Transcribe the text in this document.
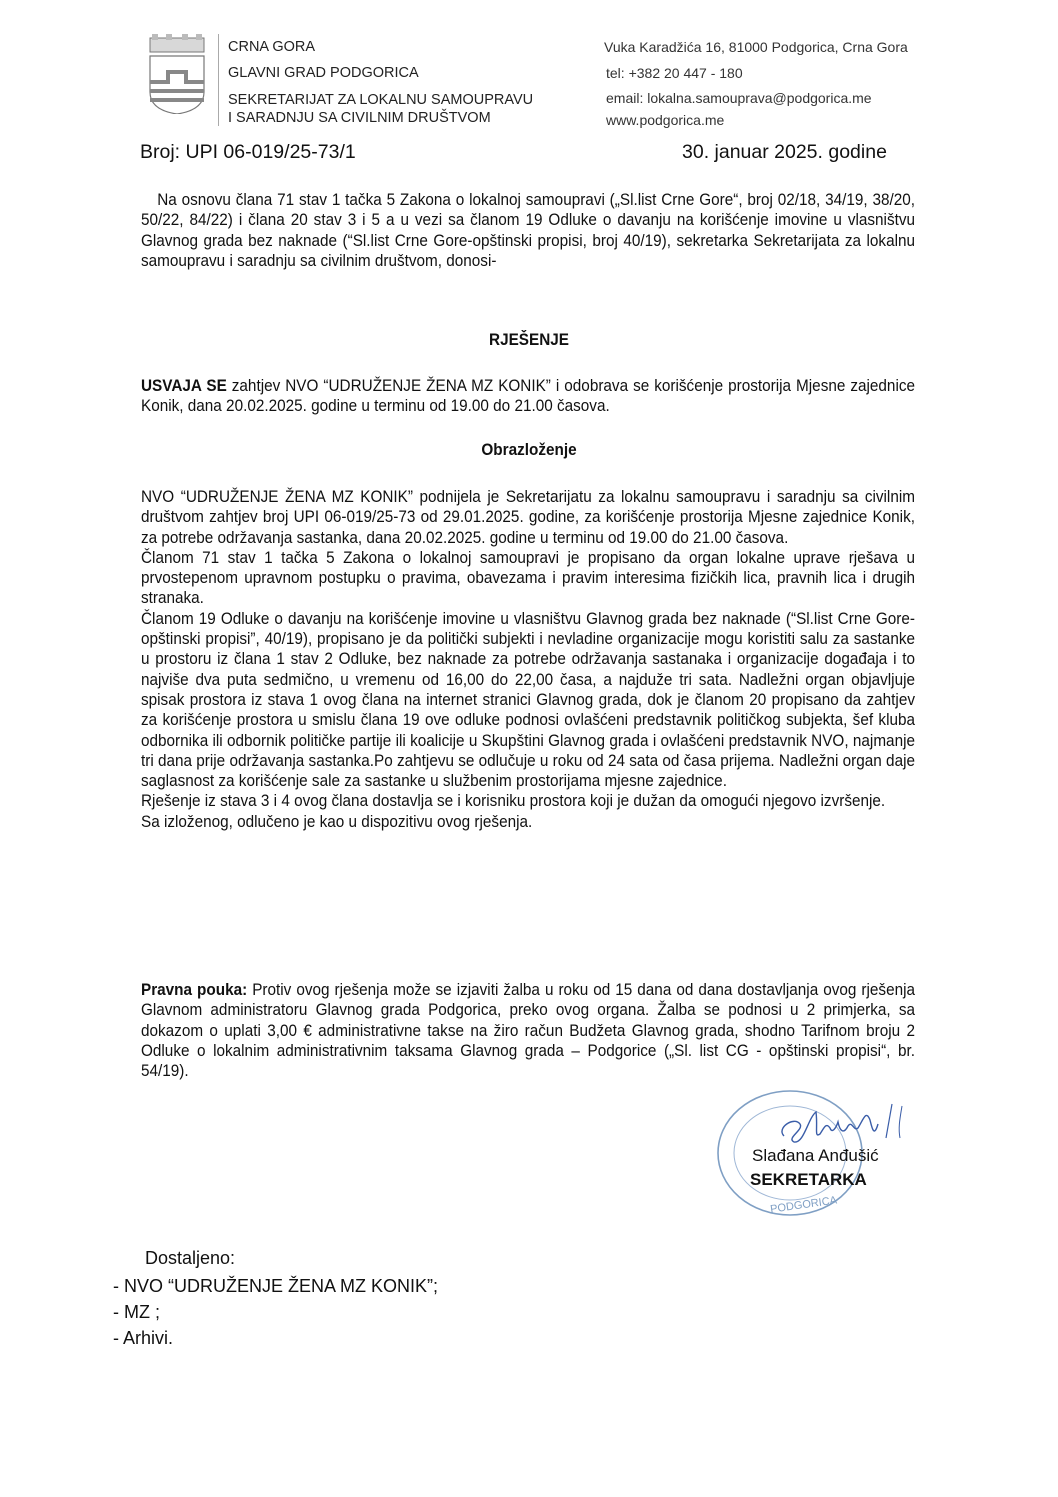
CRNA GORA
GLAVNI GRAD PODGORICA
SEKRETARIJAT ZA LOKALNU SAMOUPRAVU
I SARADNJU SA CIVILNIM DRUŠTVOM
Vuka Karadžića 16, 81000 Podgorica, Crna Gora
tel: +382 20 447 - 180
email: lokalna.samouprava@podgorica.me
www.podgorica.me
Broj: UPI 06-019/25-73/1	30. januar 2025. godine

Na osnovu člana 71 stav 1 tačka 5 Zakona o lokalnoj samoupravi („Sl.list Crne Gore“, broj 02/18, 34/19, 38/20, 50/22, 84/22) i člana 20 stav 3 i 5 a u vezi sa članom 19 Odluke o davanju na korišćenje imovine u vlasništvu Glavnog grada bez naknade (“Sl.list Crne Gore-opštinski propisi, broj 40/19), sekretarka Sekretarijata za lokalnu samoupravu i saradnju sa civilnim društvom, donosi-

RJEŠENJE

USVAJA SE zahtjev NVO “UDRUŽENJE ŽENA MZ KONIK” i odobrava se korišćenje prostorija Mjesne zajednice Konik, dana 20.02.2025. godine u terminu od 19.00 do 21.00 časova.

Obrazloženje

NVO “UDRUŽENJE ŽENA MZ KONIK” podnijela je Sekretarijatu za lokalnu samoupravu i saradnju sa civilnim društvom zahtjev broj UPI 06-019/25-73 od 29.01.2025. godine, za korišćenje prostorija Mjesne zajednice Konik, za potrebe održavanja sastanka, dana 20.02.2025. godine u terminu od 19.00 do 21.00 časova.

Članom 71 stav 1 tačka 5 Zakona o lokalnoj samoupravi je propisano da organ lokalne uprave rješava u prvostepenom upravnom postupku o pravima, obavezama i pravim interesima fizičkih lica, pravnih lica i drugih stranaka.

Članom 19 Odluke o davanju na korišćenje imovine u vlasništvu Glavnog grada bez naknade (“Sl.list Crne Gore-opštinski propisi”, 40/19), propisano je da politički subjekti i nevladine organizacije mogu koristiti salu za sastanke u prostoru iz člana 1 stav 2 Odluke, bez naknade za potrebe održavanja sastanaka i organizacije događaja i to najviše dva puta sedmično, u vremenu od 16,00 do 22,00 časa, a najduže tri sata. Nadležni organ objavljuje spisak prostora iz stava 1 ovog člana na internet stranici Glavnog grada, dok je članom 20 propisano da zahtjev za korišćenje prostora u smislu člana 19 ove odluke podnosi ovlašćeni predstavnik političkog subjekta, šef kluba odbornika ili odbornik političke partije ili koalicije u Skupštini Glavnog grada i ovlašćeni predstavnik NVO, najmanje tri dana prije održavanja sastanka.Po zahtjevu se odlučuje u roku od 24 sata od časa prijema. Nadležni organ daje saglasnost za korišćenje sale za sastanke u službenim prostorijama mjesne zajednice.

Rješenje iz stava 3 i 4 ovog člana dostavlja se i korisniku prostora koji je dužan da omogući njegovo izvršenje.

Sa izloženog, odlučeno je kao u dispozitivu ovog rješenja.

Pravna pouka: Protiv ovog rješenja može se izjaviti žalba u roku od 15 dana od dana dostavljanja ovog rješenja Glavnom administratoru Glavnog grada Podgorica, preko ovog organa. Žalba se podnosi u 2 primjerka, sa dokazom o uplati 3,00 € administrativne takse na žiro račun Budžeta Glavnog grada, shodno Tarifnom broju 2 Odluke o lokalnim administrativnim taksama Glavnog grada – Podgorice („Sl. list CG - opštinski propisi“, br. 54/19).

PODGORICA
Slađana Anđušić
SEKRETARKA
Dostaljeno:
- NVO “UDRUŽENJE ŽENA MZ KONIK”;
- MZ ;
- Arhivi.
